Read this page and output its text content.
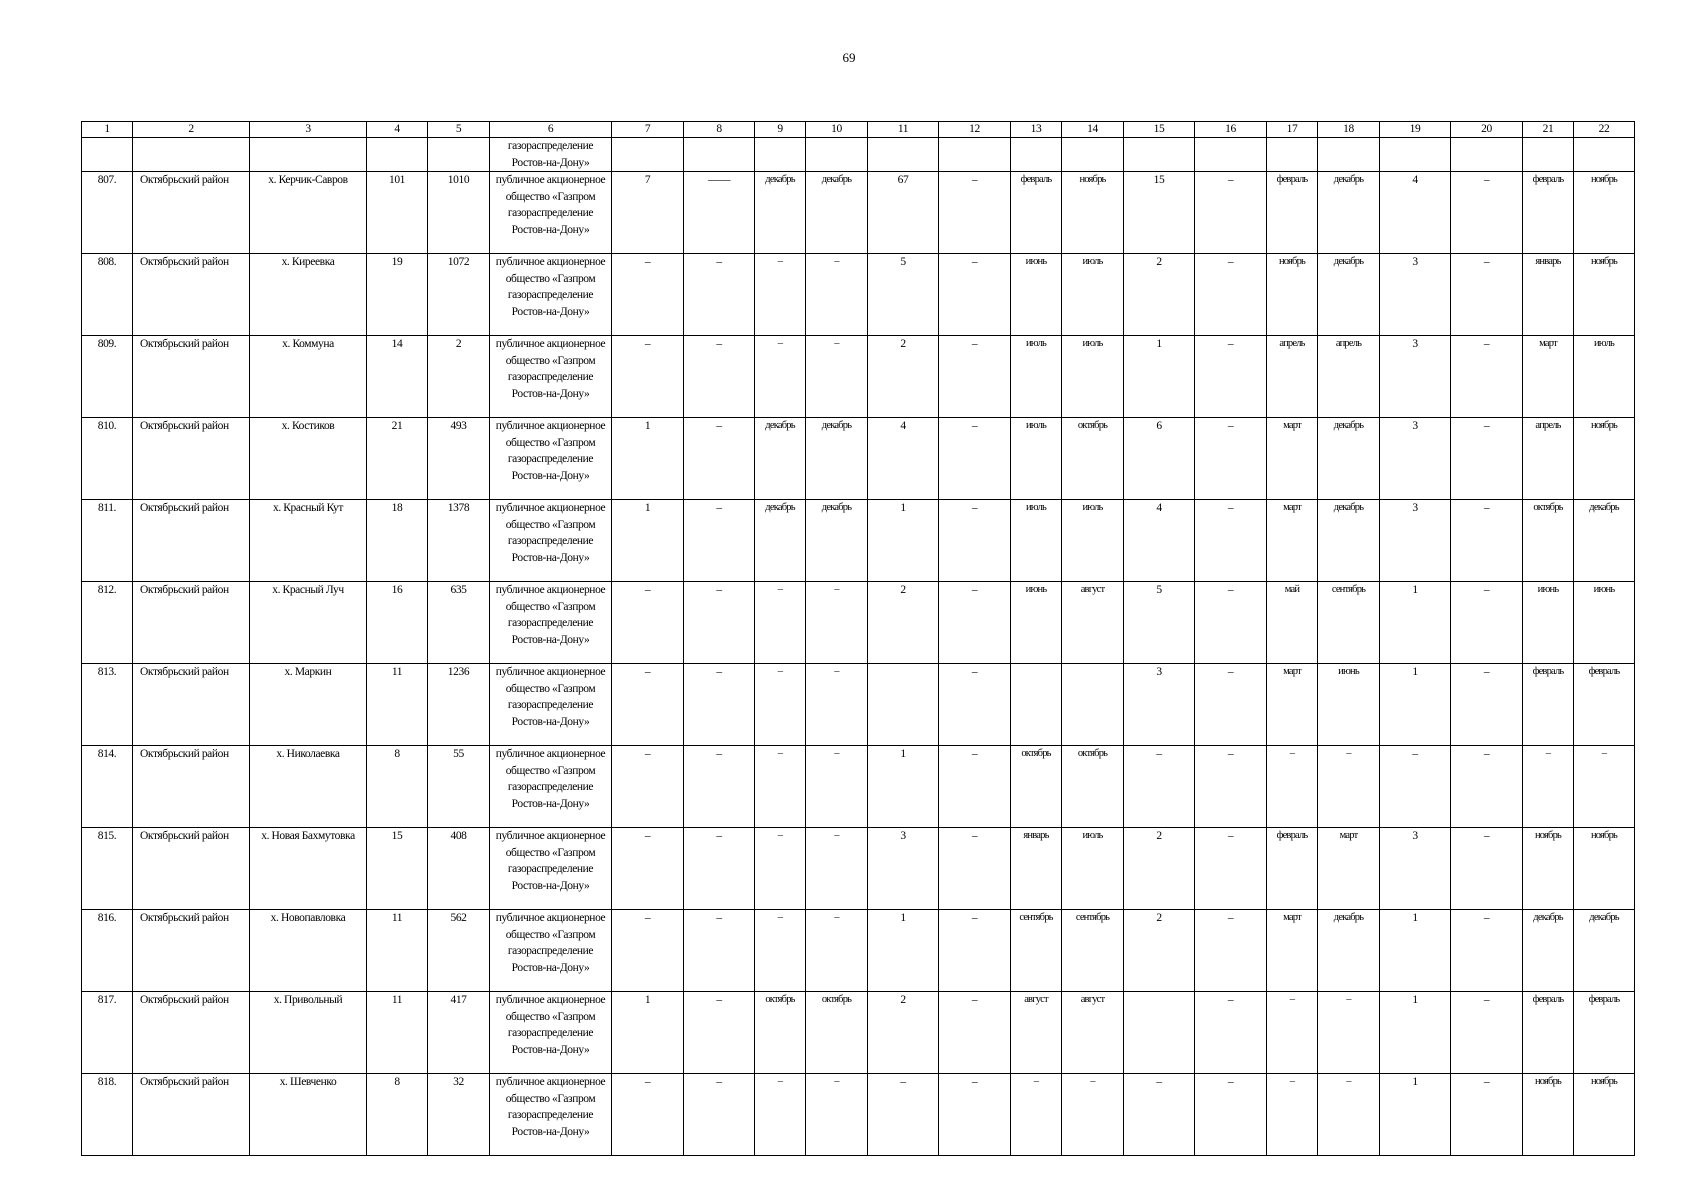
69
1	2	3	4	5	6	7	8	9	10	11	12	13	14	15	16	17	18	19	20	21	22
					газораспределение Ростов-на-Дону»																
807.	Октябрьский район	х. Керчик-Савров	101	1010	публичное акционерное общество «Газпром газораспределение Ростов-на-Дону»	7	——	декабрь	декабрь	67	–	февраль	ноябрь	15	–	февраль	декабрь	4	–	февраль	ноябрь
808.	Октябрьский район	х. Киреевка	19	1072	публичное акционерное общество «Газпром газораспределение Ростов-на-Дону»	–	–	–	–	5	–	июнь	июль	2	–	ноябрь	декабрь	3	–	январь	ноябрь
809.	Октябрьский район	х. Коммуна	14	2	публичное акционерное общество «Газпром газораспределение Ростов-на-Дону»	–	–	–	–	2	–	июль	июль	1	–	апрель	апрель	3	–	март	июль
810.	Октябрьский район	х. Костиков	21	493	публичное акционерное общество «Газпром газораспределение Ростов-на-Дону»	1	–	декабрь	декабрь	4	–	июль	октябрь	6	–	март	декабрь	3	–	апрель	ноябрь
811.	Октябрьский район	х. Красный Кут	18	1378	публичное акционерное общество «Газпром газораспределение Ростов-на-Дону»	1	–	декабрь	декабрь	1	–	июль	июль	4	–	март	декабрь	3	–	октябрь	декабрь
812.	Октябрьский район	х. Красный Луч	16	635	публичное акционерное общество «Газпром газораспределение Ростов-на-Дону»	–	–	–	–	2	–	июнь	август	5	–	май	сентябрь	1	–	июнь	июнь
813.	Октябрьский район	х. Маркин	11	1236	публичное акционерное общество «Газпром газораспределение Ростов-на-Дону»	–	–	–	–		–			3	–	март	июнь	1	–	февраль	февраль
814.	Октябрьский район	х. Николаевка	8	55	публичное акционерное общество «Газпром газораспределение Ростов-на-Дону»	–	–	–	–	1	–	октябрь	октябрь	–	–	–	–	–	–	–	–
815.	Октябрьский район	х. Новая Бахмутовка	15	408	публичное акционерное общество «Газпром газораспределение Ростов-на-Дону»	–	–	–	–	3	–	январь	июль	2	–	февраль	март	3	–	ноябрь	ноябрь
816.	Октябрьский район	х. Новопавловка	11	562	публичное акционерное общество «Газпром газораспределение Ростов-на-Дону»	–	–	–	–	1	–	сентябрь	сентябрь	2	–	март	декабрь	1	–	декабрь	декабрь
817.	Октябрьский район	х. Привольный	11	417	публичное акционерное общество «Газпром газораспределение Ростов-на-Дону»	1	–	октябрь	октябрь	2	–	август	август		–	–	–	1	–	февраль	февраль
818.	Октябрьский район	х. Шевченко	8	32	публичное акционерное общество «Газпром газораспределение Ростов-на-Дону»	–	–	–	–	–	–	–	–	–	–	–	–	1	–	ноябрь	ноябрь
